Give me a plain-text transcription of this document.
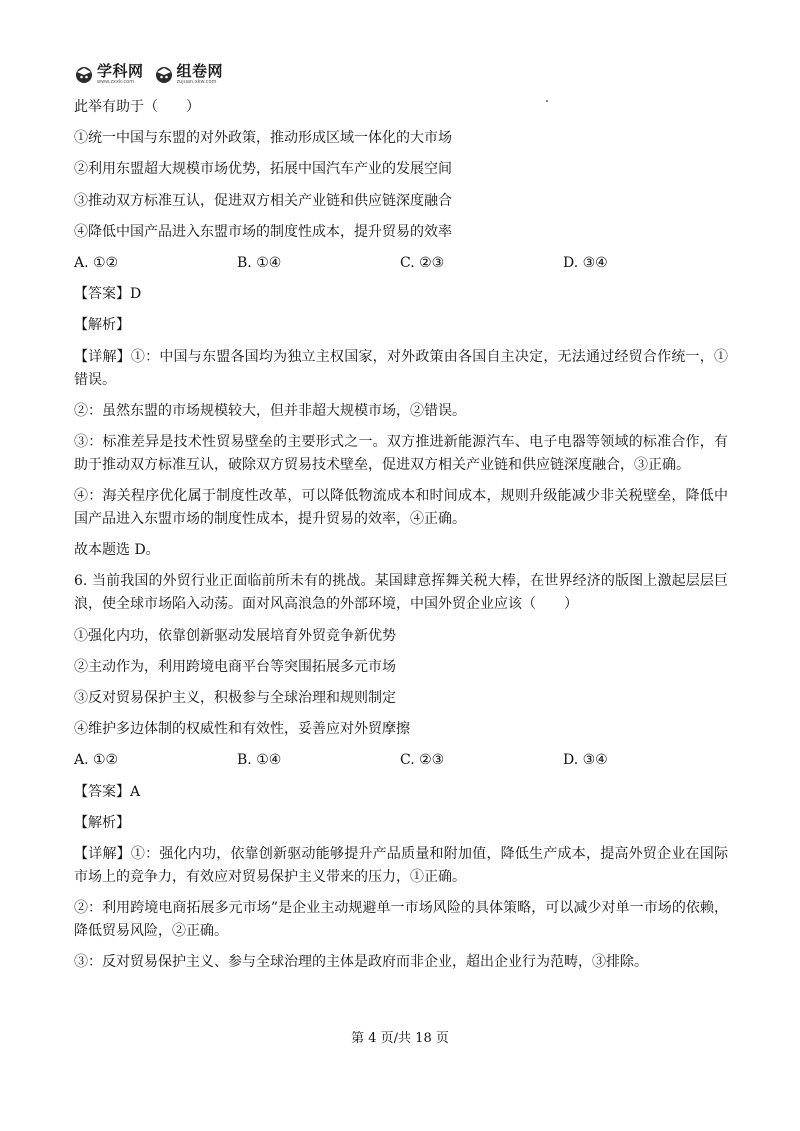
学科网
www.zxxk.com
组卷网
zujuan.xkw.com
此举有助于（　　）
①统一中国与东盟的对外政策，推动形成区域一体化的大市场
②利用东盟超大规模市场优势，拓展中国汽车产业的发展空间
③推动双方标准互认，促进双方相关产业链和供应链深度融合
④降低中国产品进入东盟市场的制度性成本，提升贸易的效率
A. ①②	B. ①④	C. ②③	D. ③④
【答案】D
【解析】
【详解】①：中国与东盟各国均为独立主权国家，对外政策由各国自主决定，无法通过经贸合作统一，①错误。
②：虽然东盟的市场规模较大，但并非超大规模市场，②错误。
③：标准差异是技术性贸易壁垒的主要形式之一。双方推进新能源汽车、电子电器等领域的标准合作，有助于推动双方标准互认，破除双方贸易技术壁垒，促进双方相关产业链和供应链深度融合，③正确。
④：海关程序优化属于制度性改革，可以降低物流成本和时间成本，规则升级能减少非关税壁垒，降低中国产品进入东盟市场的制度性成本，提升贸易的效率，④正确。
故本题选 D。
6. 当前我国的外贸行业正面临前所未有的挑战。某国肆意挥舞关税大棒，在世界经济的版图上激起层层巨浪，使全球市场陷入动荡。面对风高浪急的外部环境，中国外贸企业应该（　　）
①强化内功，依靠创新驱动发展培育外贸竞争新优势
②主动作为，利用跨境电商平台等突围拓展多元市场
③反对贸易保护主义，积极参与全球治理和规则制定
④维护多边体制的权威性和有效性，妥善应对外贸摩擦
A. ①②	B. ①④	C. ②③	D. ③④
【答案】A
【解析】
【详解】①：强化内功，依靠创新驱动能够提升产品质量和附加值，降低生产成本，提高外贸企业在国际市场上的竞争力，有效应对贸易保护主义带来的压力，①正确。
②：利用跨境电商拓展多元市场”是企业主动规避单一市场风险的具体策略，可以减少对单一市场的依赖，降低贸易风险，②正确。
③：反对贸易保护主义、参与全球治理的主体是政府而非企业，超出企业行为范畴，③排除。
第 4 页/共 18 页
